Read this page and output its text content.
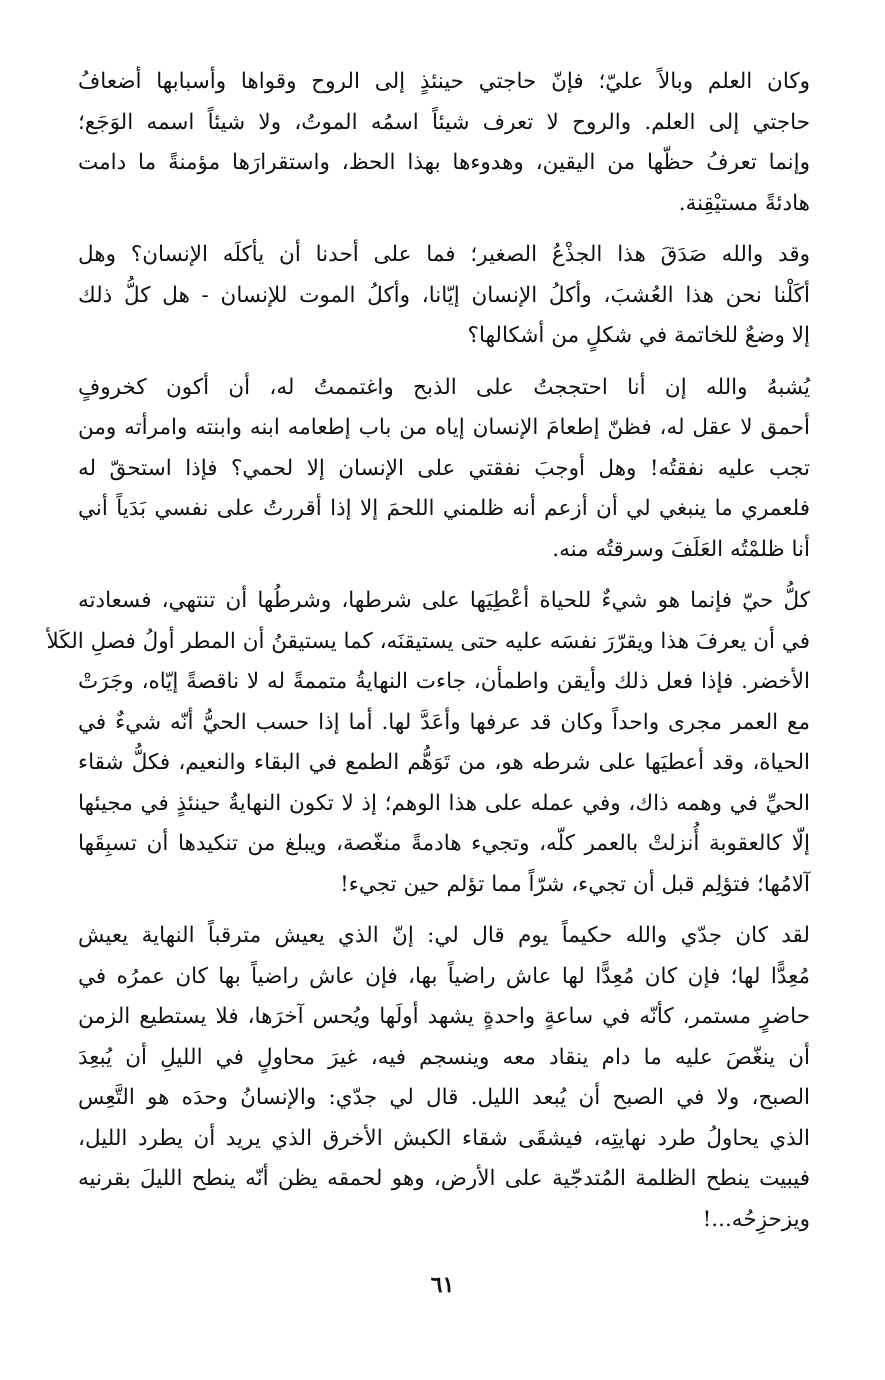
وكان العلم وبالاً عليّ؛ فإنّ حاجتي حينئذٍ إلى الروح وقواها وأسبابها أضعافُ
حاجتي إلى العلم. والروح لا تعرف شيئاً اسمُه الموتُ، ولا شيئاً اسمه الوَجَع؛
وإنما تعرفُ حظّها من اليقين، وهدوءها بهذا الحظ، واستقرارَها مؤمنةً ما دامت
هادئةً مستيْقِنة.

وقد والله صَدَقَ هذا الجذْعُ الصغير؛ فما على أحدنا أن يأكلَه الإنسان؟ وهل
أكَلْنا نحن هذا العُشبَ، وأكلُ الإنسان إيّانا، وأكلُ الموت للإنسان - هل كلُّ ذلك
إلا وضعٌ للخاتمة في شكلٍ من أشكالها؟

يُشبهُ والله إن أنا احتججتُ على الذبح واغتممتُ له، أن أكون كخروفٍ
أحمق لا عقل له، فظنّ إطعامَ الإنسان إياه من باب إطعامه ابنه وابنته وامرأته ومن
تجب عليه نفقتُه! وهل أوجبَ نفقتي على الإنسان إلا لحمي؟ فإذا استحقّ له
فلعمري ما ينبغي لي أن أزعم أنه ظلمني اللحمَ إلا إذا أقررتُ على نفسي بَدَياً أني
أنا ظلمْتُه العَلَفَ وسرقتُه منه.

كلُّ حيّ فإنما هو شيءٌ للحياة أعْطِيَها على شرطها، وشرطُها أن تنتهي، فسعادته
في أن يعرفَ هذا ويقرّرَ نفسَه عليه حتى يستيقنَه، كما يستيقنُ أن المطر أولُ فصلِ الكَلأ
الأخضر. فإذا فعل ذلك وأيقن واطمأن، جاءت النهايةُ متممةً له لا ناقصةً إيّاه، وجَرَتْ
مع العمر مجرى واحداً وكان قد عرفها وأعَدَّ لها. أما إذا حسب الحيُّ أنّه شيءٌ في
الحياة، وقد أعطيَها على شرطه هو، من تَوَهُّم الطمع في البقاء والنعيم، فكلُّ شقاء
الحيِّ في وهمه ذاك، وفي عمله على هذا الوهم؛ إذ لا تكون النهايةُ حينئذٍ في مجيئها
إلّا كالعقوبة أُنزلتْ بالعمر كلّه، وتجيء هادمةً منغّصة، ويبلغ من تنكيدها أن تسبِقَها
آلامُها؛ فتؤلِم قبل أن تجيء، شرّاً مما تؤلم حين تجيء!

لقد كان جدّي والله حكيماً يوم قال لي: إنّ الذي يعيش مترقباً النهاية يعيش
مُعِدًّا لها؛ فإن كان مُعِدًّا لها عاش راضياً بها، فإن عاش راضياً بها كان عمرُه في
حاضرٍ مستمر، كأنّه في ساعةٍ واحدةٍ يشهد أولَها ويُحس آخرَها، فلا يستطيع الزمن
أن ينغّصَ عليه ما دام ينقاد معه وينسجم فيه، غيرَ محاولٍ في الليلِ أن يُبعِدَ
الصبح، ولا في الصبح أن يُبعد الليل. قال لي جدّي: والإنسانُ وحدَه هو التَّعِس
الذي يحاولُ طرد نهايتِه، فيشقَى شقاء الكبش الأخرق الذي يريد أن يطرد الليل،
فيبيت ينطح الظلمة المُتدجّية على الأرض، وهو لحمقه يظن أنّه ينطح الليلَ بقرنيه
ويزحزِحُه...!

٦١
